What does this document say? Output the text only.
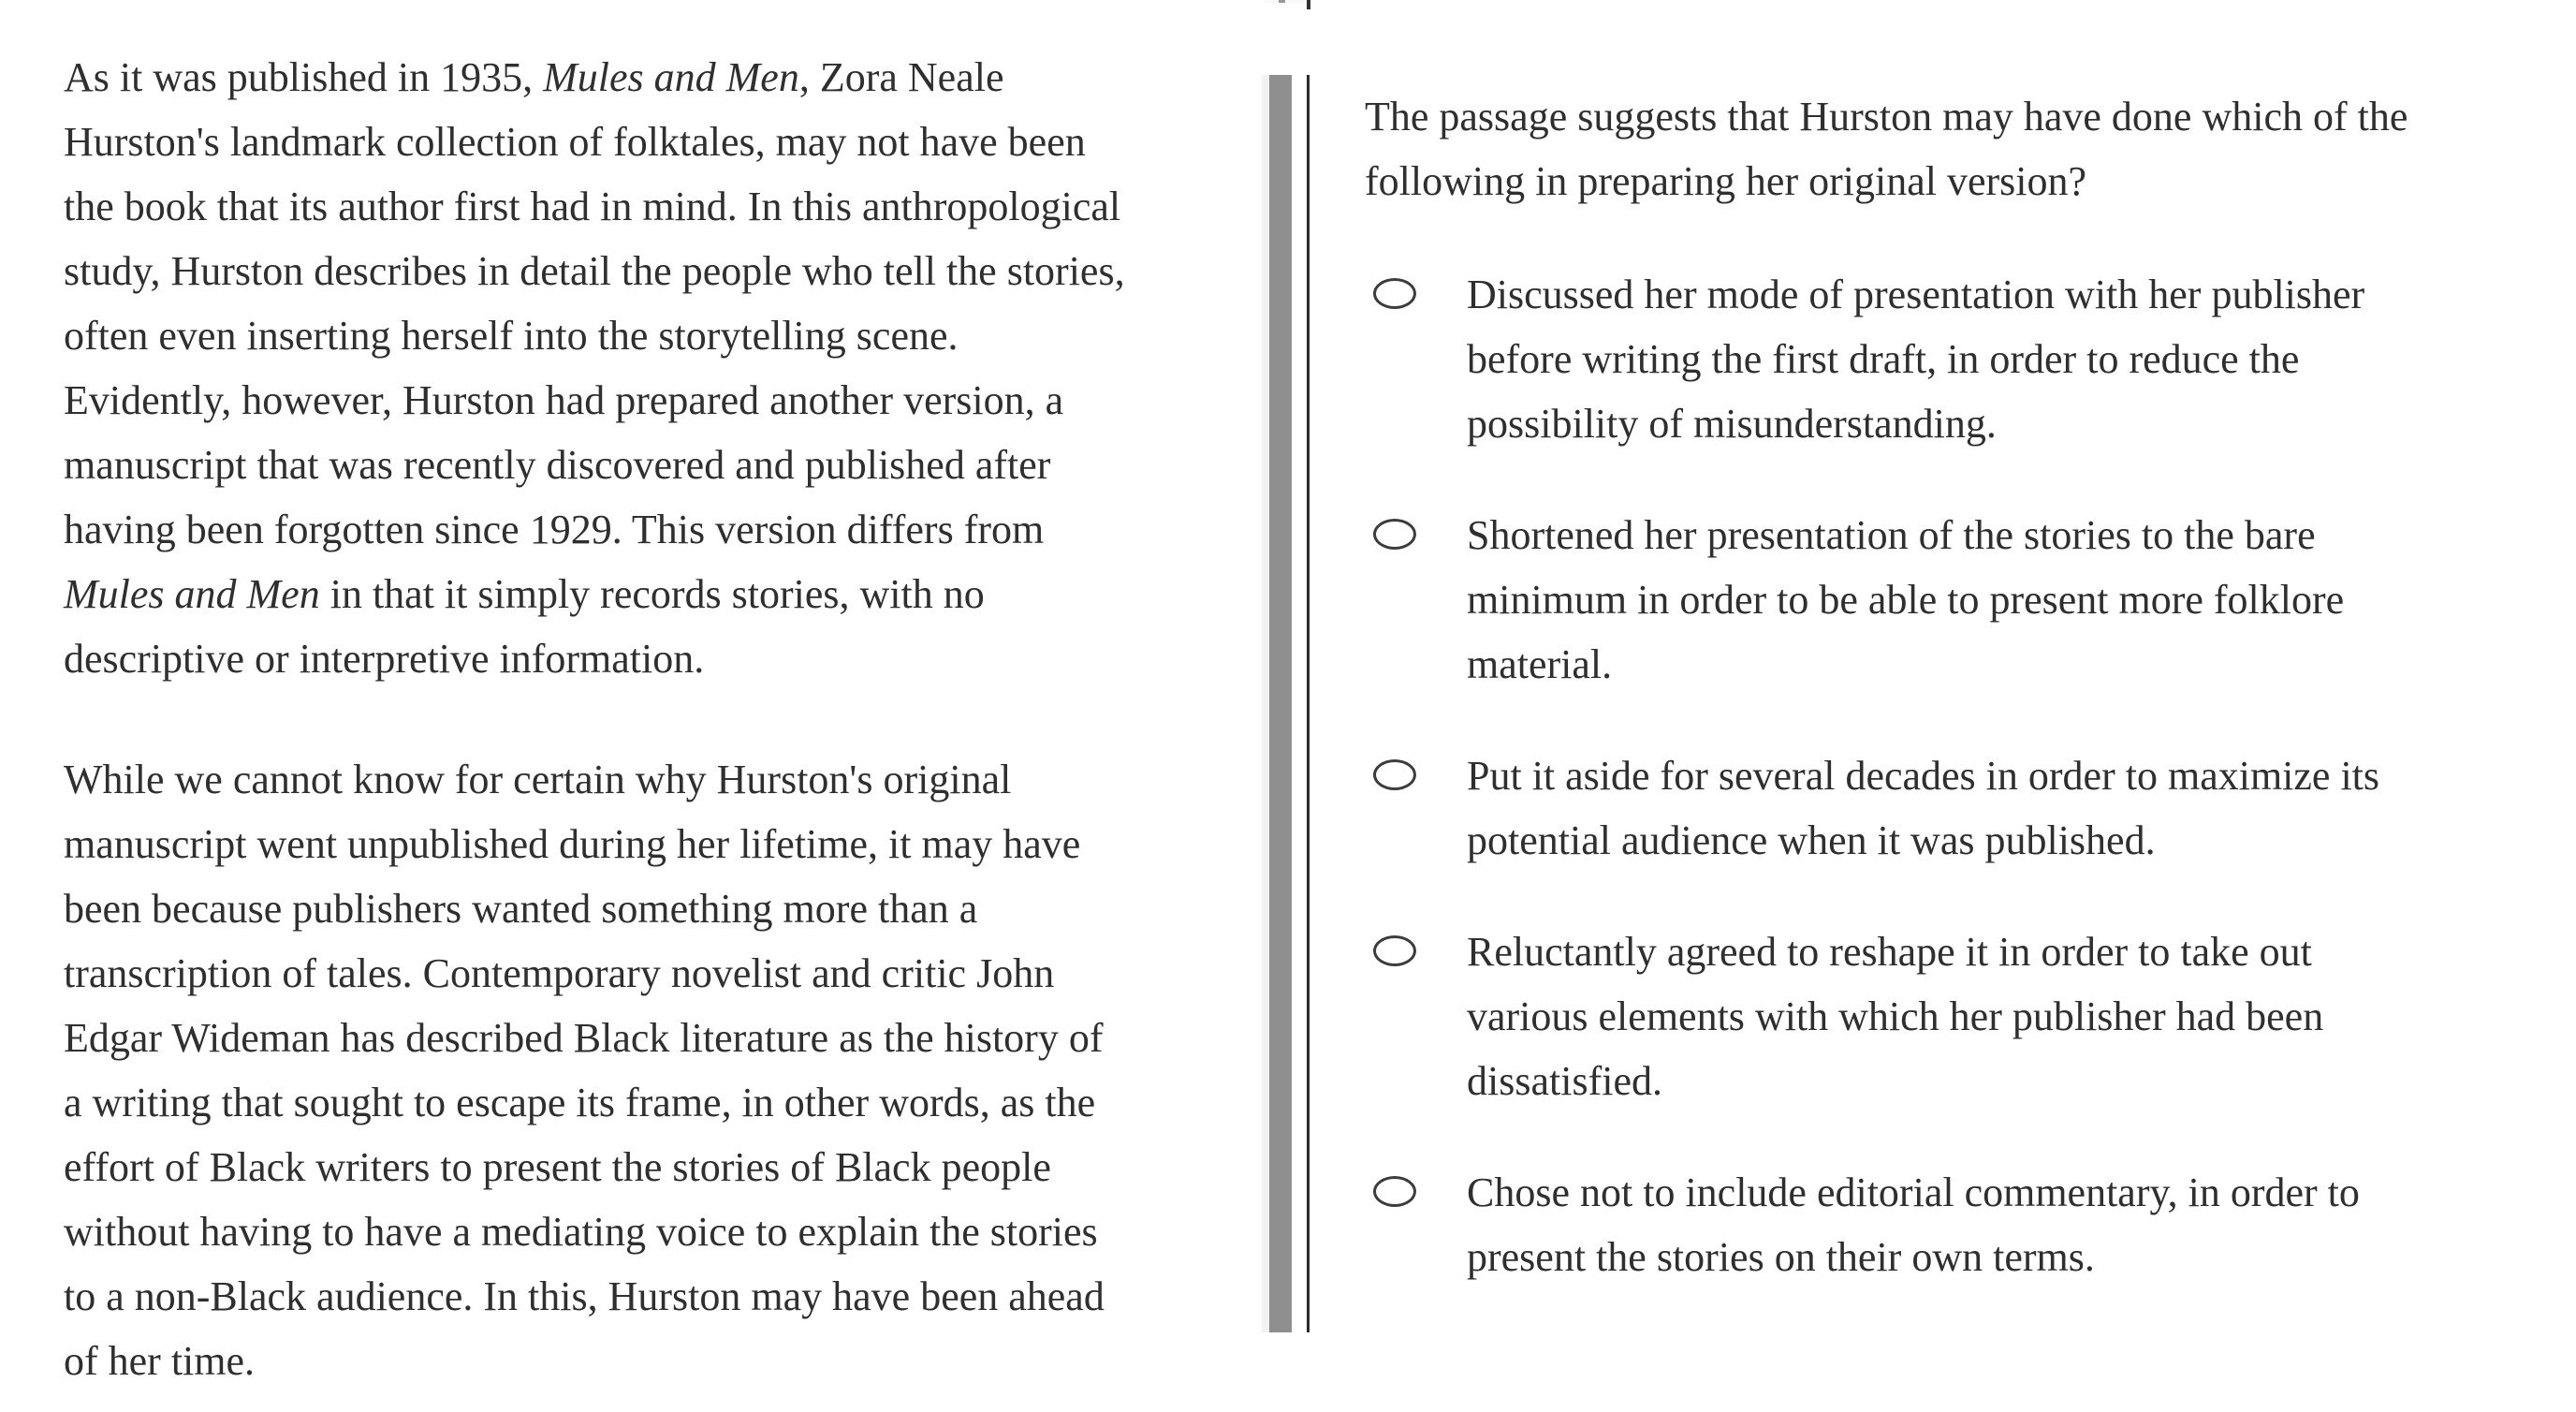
As it was published in 1935, Mules and Men, Zora Neale
Hurston's landmark collection of folktales, may not have been
the book that its author first had in mind. In this anthropological
study, Hurston describes in detail the people who tell the stories,
often even inserting herself into the storytelling scene.
Evidently, however, Hurston had prepared another version, a
manuscript that was recently discovered and published after
having been forgotten since 1929. This version differs from
Mules and Men in that it simply records stories, with no
descriptive or interpretive information.

While we cannot know for certain why Hurston's original
manuscript went unpublished during her lifetime, it may have
been because publishers wanted something more than a
transcription of tales. Contemporary novelist and critic John
Edgar Wideman has described Black literature as the history of
a writing that sought to escape its frame, in other words, as the
effort of Black writers to present the stories of Black people
without having to have a mediating voice to explain the stories
to a non-Black audience. In this, Hurston may have been ahead
of her time.

The passage suggests that Hurston may have done which of the
following in preparing her original version?
Discussed her mode of presentation with her publisher
before writing the first draft, in order to reduce the
possibility of misunderstanding.
Shortened her presentation of the stories to the bare
minimum in order to be able to present more folklore
material.
Put it aside for several decades in order to maximize its
potential audience when it was published.
Reluctantly agreed to reshape it in order to take out
various elements with which her publisher had been
dissatisfied.
Chose not to include editorial commentary, in order to
present the stories on their own terms.
